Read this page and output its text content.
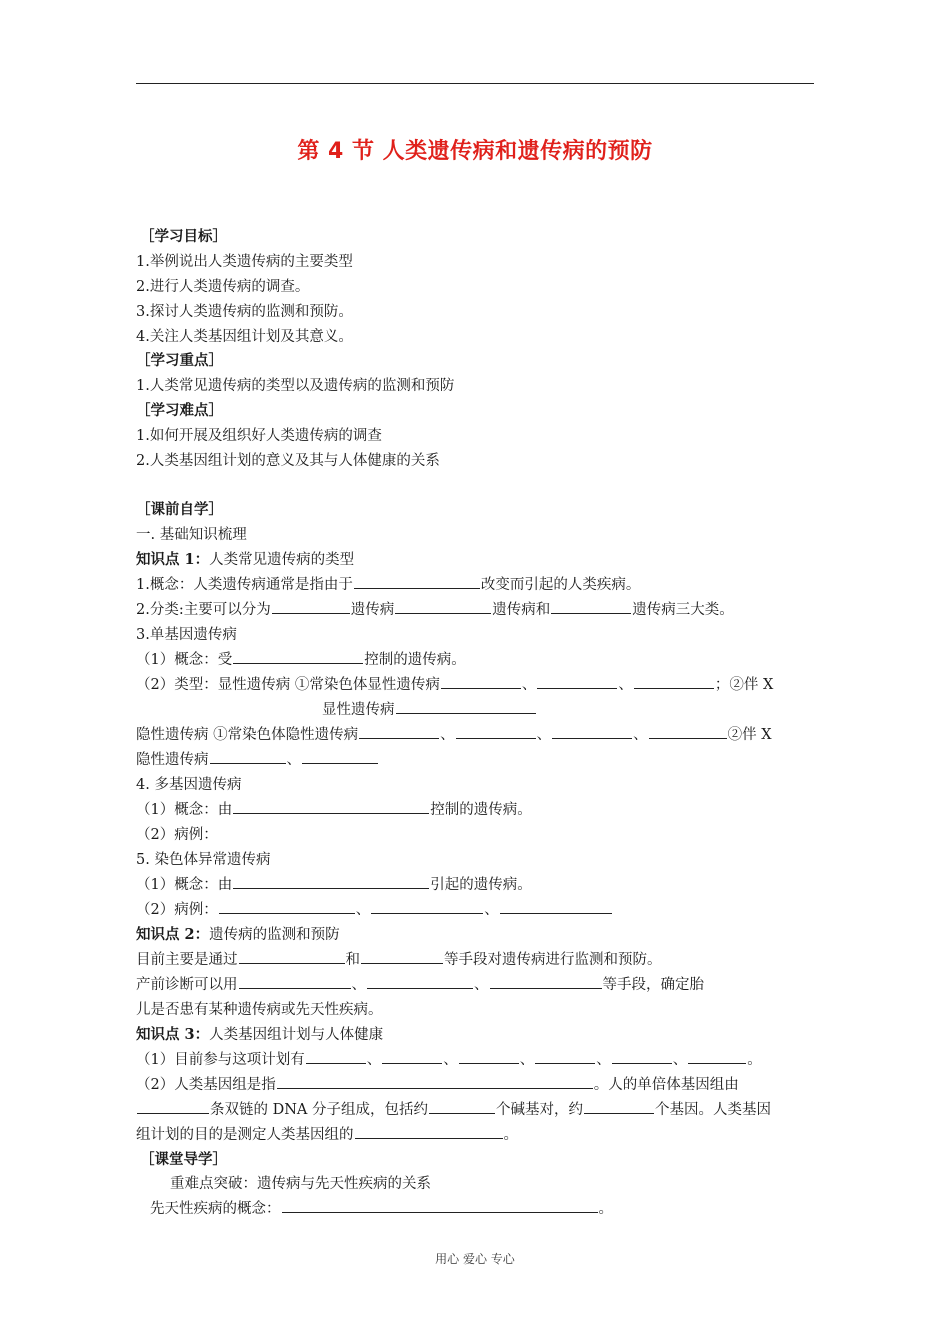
第 4 节 人类遗传病和遗传病的预防
［学习目标］
1.举例说出人类遗传病的主要类型
2.进行人类遗传病的调查。
3.探讨人类遗传病的监测和预防。
4.关注人类基因组计划及其意义。
［学习重点］
1.人类常见遗传病的类型以及遗传病的监测和预防
［学习难点］
1.如何开展及组织好人类遗传病的调查
2.人类基因组计划的意义及其与人体健康的关系
［课前自学］
一. 基础知识梳理
知识点 1：人类常见遗传病的类型
1.概念：人类遗传病通常是指由于	改变而引起的人类疾病。
2.分类:主要可以分为	遗传病	遗传病和	遗传病三大类。
3.单基因遗传病
（1）概念：受	控制的遗传病。
（2）类型：显性遗传病 ①常染色体显性遗传病	、	、	；②伴 X
显性遗传病
隐性遗传病 ①常染色体隐性遗传病	、	、	、	②伴 X
隐性遗传病	、
4. 多基因遗传病
（1）概念：由	控制的遗传病。
（2）病例：
5. 染色体异常遗传病
（1）概念：由	引起的遗传病。
（2）病例：	、	、
知识点 2：遗传病的监测和预防
目前主要是通过	和	等手段对遗传病进行监测和预防。
产前诊断可以用	、	、	等手段，确定胎
儿是否患有某种遗传病或先天性疾病。
知识点 3：人类基因组计划与人体健康
（1）目前参与这项计划有	、	、	、	、	、	。
（2）人类基因组是指	。人的单倍体基因组由
条双链的 DNA 分子组成，包括约	个碱基对，约	个基因。人类基因
组计划的目的是测定人类基因组的	。
［课堂导学］
重难点突破：遗传病与先天性疾病的关系
先天性疾病的概念：	。
用心 爱心 专心
